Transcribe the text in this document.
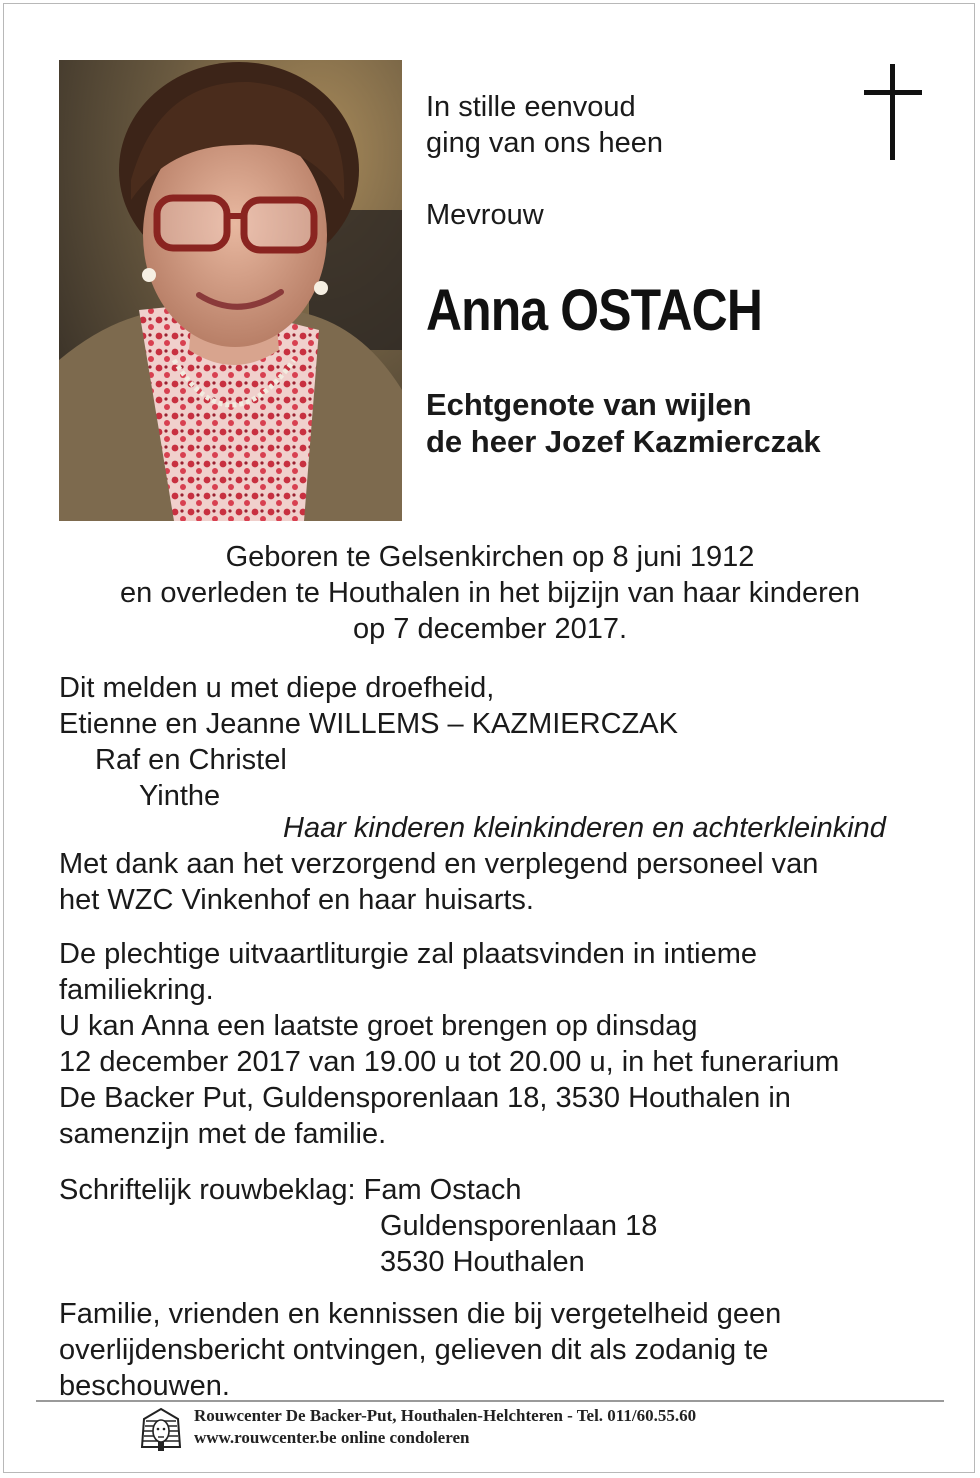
In stille eenvoud
ging van ons heen
Mevrouw
Anna OSTACH
Echtgenote van wijlen
de heer Jozef Kazmierczak
Geboren te Gelsenkirchen op 8 juni 1912
en overleden te Houthalen in het bijzijn van haar kinderen
op 7 december 2017.
Dit melden u met diepe droefheid,
Etienne en Jeanne WILLEMS – KAZMIERCZAK
Raf en Christel
Yinthe
Haar kinderen kleinkinderen en achterkleinkind
Met dank aan het verzorgend en verplegend personeel van
het WZC Vinkenhof en haar huisarts.
De plechtige uitvaartliturgie zal plaatsvinden in intieme
familiekring.
U kan Anna een laatste groet brengen op dinsdag
12 december 2017 van 19.00 u tot 20.00 u, in het funerarium
De Backer Put, Guldensporenlaan 18, 3530 Houthalen in
samenzijn met de familie.
Schriftelijk rouwbeklag: Fam Ostach
Guldensporenlaan 18
3530 Houthalen
Familie, vrienden en kennissen die bij vergetelheid geen
overlijdensbericht ontvingen, gelieven dit als zodanig te
beschouwen.
Rouwcenter De Backer-Put, Houthalen-Helchteren - Tel. 011/60.55.60
www.rouwcenter.be online condoleren
